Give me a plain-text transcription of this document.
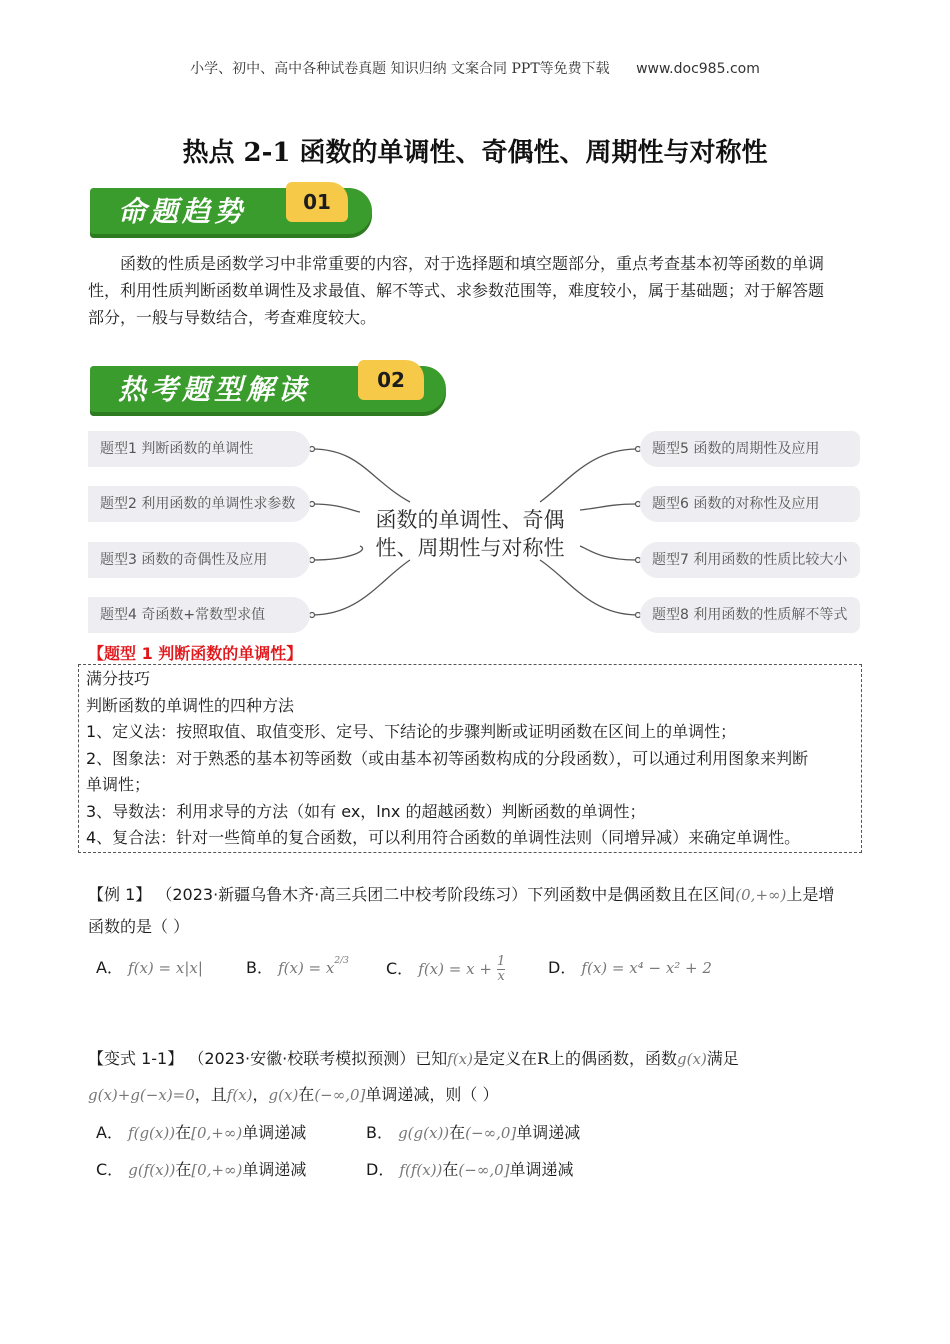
小学、初中、高中各种试卷真题 知识归纳 文案合同 PPT等免费下载 www.doc985.com
热点 2-1 函数的单调性、奇偶性、周期性与对称性
命题趋势	01
函数的性质是函数学习中非常重要的内容，对于选择题和填空题部分，重点考查基本初等函数的单调
性，利用性质判断函数单调性及求最值、解不等式、求参数范围等，难度较小，属于基础题；对于解答题
部分，一般与导数结合，考查难度较大。
热考题型解读	02
题型1 判断函数的单调性
题型2 利用函数的单调性求参数
题型3 函数的奇偶性及应用
题型4 奇函数+常数型求值
函数的单调性、奇偶
性、周期性与对称性
题型5 函数的周期性及应用
题型6 函数的对称性及应用
题型7 利用函数的性质比较大小
题型8 利用函数的性质解不等式
【题型 1 判断函数的单调性】
满分技巧
判断函数的单调性的四种方法
1、定义法：按照取值、取值变形、定号、下结论的步骤判断或证明函数在区间上的单调性；
2、图象法：对于熟悉的基本初等函数（或由基本初等函数构成的分段函数），可以通过利用图象来判断
单调性；
3、导数法：利用求导的方法（如有 ex，lnx 的超越函数）判断函数的单调性；
4、复合法：针对一些简单的复合函数，可以利用符合函数的单调性法则（同增异减）来确定单调性。
【例 1】 （2023·新疆乌鲁木齐·高三兵团二中校考阶段练习）下列函数中是偶函数且在区间(0,+∞)上是增
函数的是（ ）
A． f(x) = x|x|	B． $f(x) = x^{2/3}$ C． $f(x) = x + \frac{1}{x}$	D． f(x) = x⁴ − x² + 2
【变式 1-1】 （2023·安徽·校联考模拟预测）已知f(x)是定义在R上的偶函数，函数g(x)满足
g(x)+g(−x)=0，且f(x)，g(x)在(−∞,0]单调递减，则（ ）
A． f(g(x))在[0,+∞)单调递减	B． g(g(x))在(−∞,0]单调递减
C． g(f(x))在[0,+∞)单调递减	D． f(f(x))在(−∞,0]单调递减
